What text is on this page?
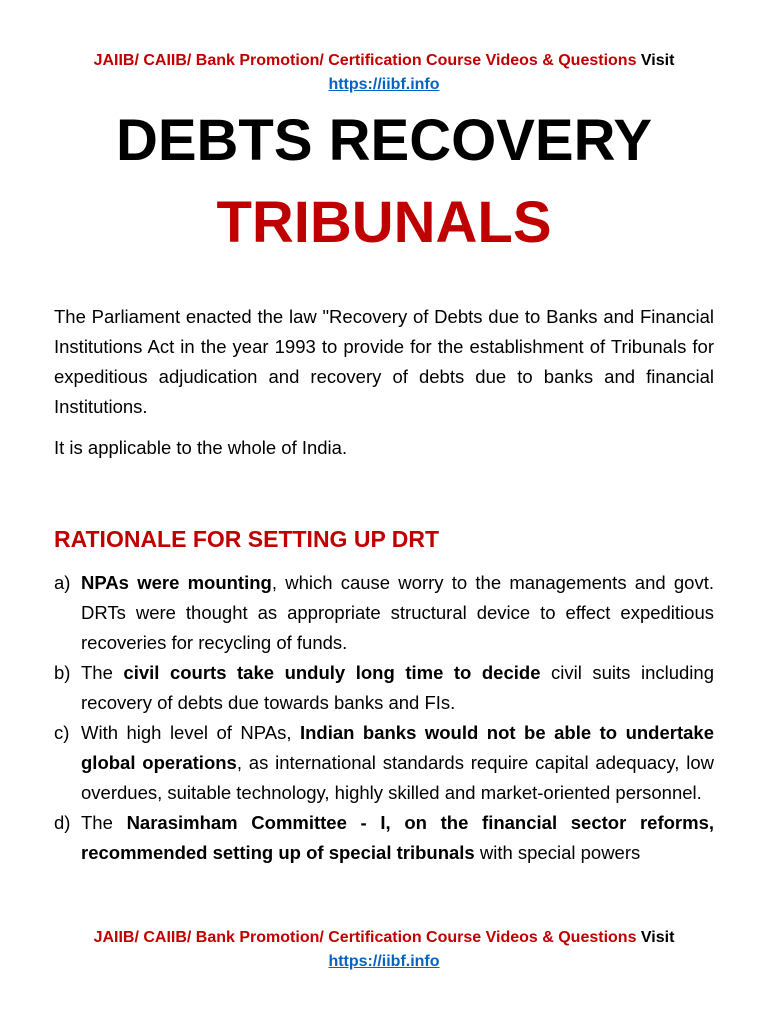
JAIIB/ CAIIB/ Bank Promotion/ Certification Course Videos & Questions Visit
https://iibf.info
DEBTS RECOVERY
TRIBUNALS
The Parliament enacted the law "Recovery of Debts due to Banks and Financial Institutions Act in the year 1993 to provide for the establishment of Tribunals for expeditious adjudication and recovery of debts due to banks and financial Institutions.
It is applicable to the whole of India.
RATIONALE FOR SETTING UP DRT
a) NPAs were mounting, which cause worry to the managements and govt. DRTs were thought as appropriate structural device to effect expeditious recoveries for recycling of funds.
b) The civil courts take unduly long time to decide civil suits including recovery of debts due towards banks and FIs.
c) With high level of NPAs, Indian banks would not be able to undertake global operations, as international standards require capital adequacy, low overdues, suitable technology, highly skilled and market-oriented personnel.
d) The Narasimham Committee - I, on the financial sector reforms, recommended setting up of special tribunals with special powers
JAIIB/ CAIIB/ Bank Promotion/ Certification Course Videos & Questions Visit
https://iibf.info
